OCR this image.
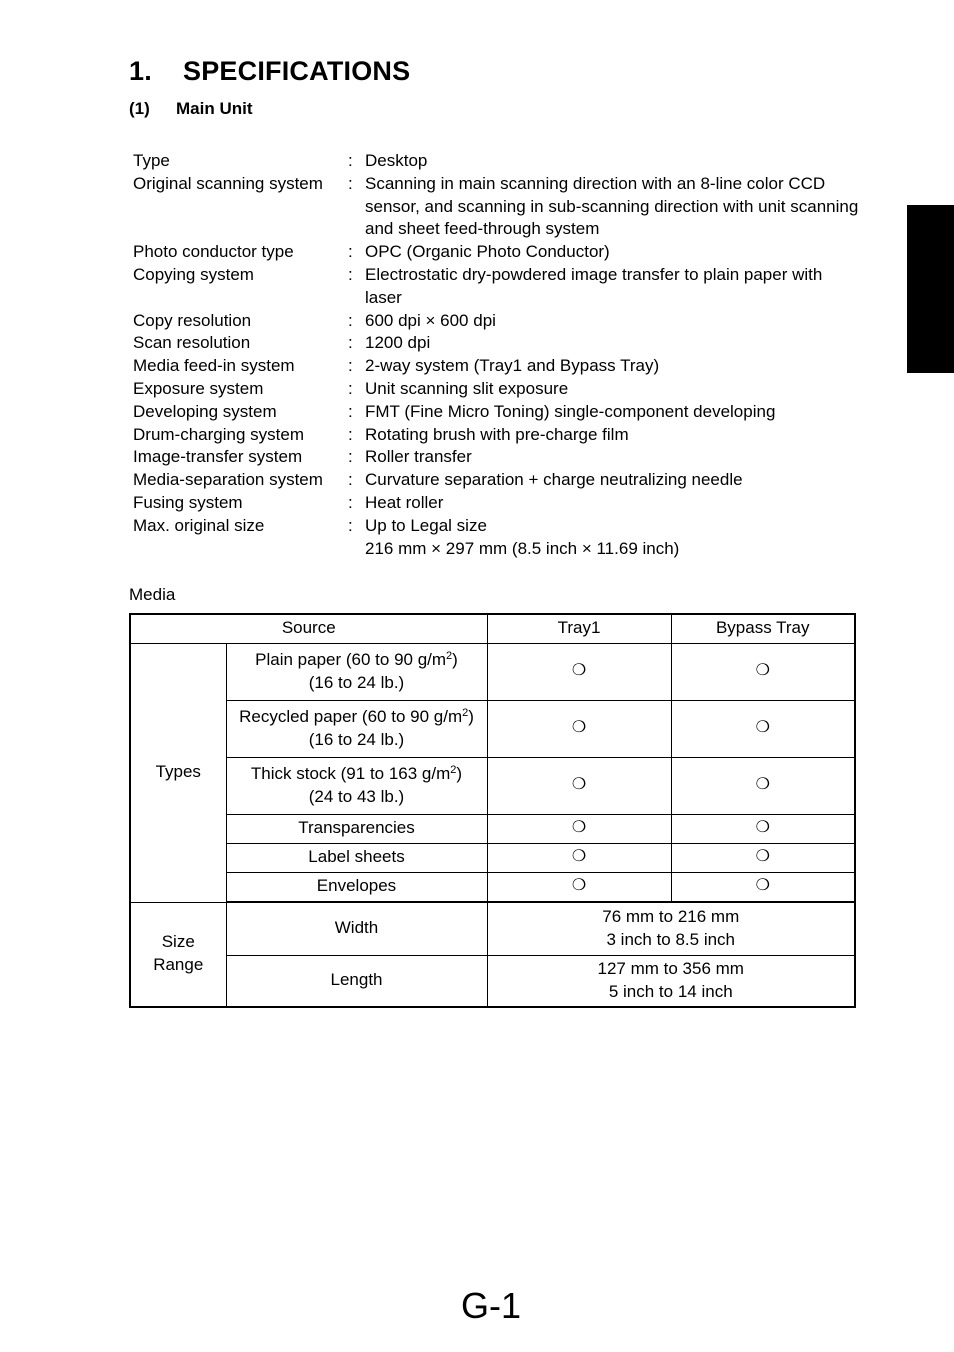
1. SPECIFICATIONS
(1) Main Unit
Type	: Desktop
Original scanning system	: Scanning in main scanning direction with an 8-line color CCD sensor, and scanning in sub-scanning direction with unit scanning and sheet feed-through system
Photo conductor type	: OPC (Organic Photo Conductor)
Copying system	: Electrostatic dry-powdered image transfer to plain paper with laser
Copy resolution	: 600 dpi × 600 dpi
Scan resolution	: 1200 dpi
Media feed-in system	: 2-way system (Tray1 and Bypass Tray)
Exposure system	: Unit scanning slit exposure
Developing system	: FMT (Fine Micro Toning) single-component developing
Drum-charging system	: Rotating brush with pre-charge film
Image-transfer system	: Roller transfer
Media-separation system	: Curvature separation + charge neutralizing needle
Fusing system	: Heat roller
Max. original size	: Up to Legal size
216 mm × 297 mm (8.5 inch × 11.69 inch)
Media
Source		Tray1	Bypass Tray
Types	Plain paper (60 to 90 $g/m^2$)
(16 to 24 lb.)	❍	❍
	Recycled paper (60 to 90 $g/m^2$)
(16 to 24 lb.)	❍	❍
	Thick stock (91 to 163 $g/m^2$)
(24 to 43 lb.)	❍	❍
	Transparencies	❍	❍
	Label sheets	❍	❍
	Envelopes	❍	❍
Size
Range	Width	76 mm to 216 mm
3 inch to 8.5 inch	
	Length	127 mm to 356 mm
5 inch to 14 inch	
G-1
